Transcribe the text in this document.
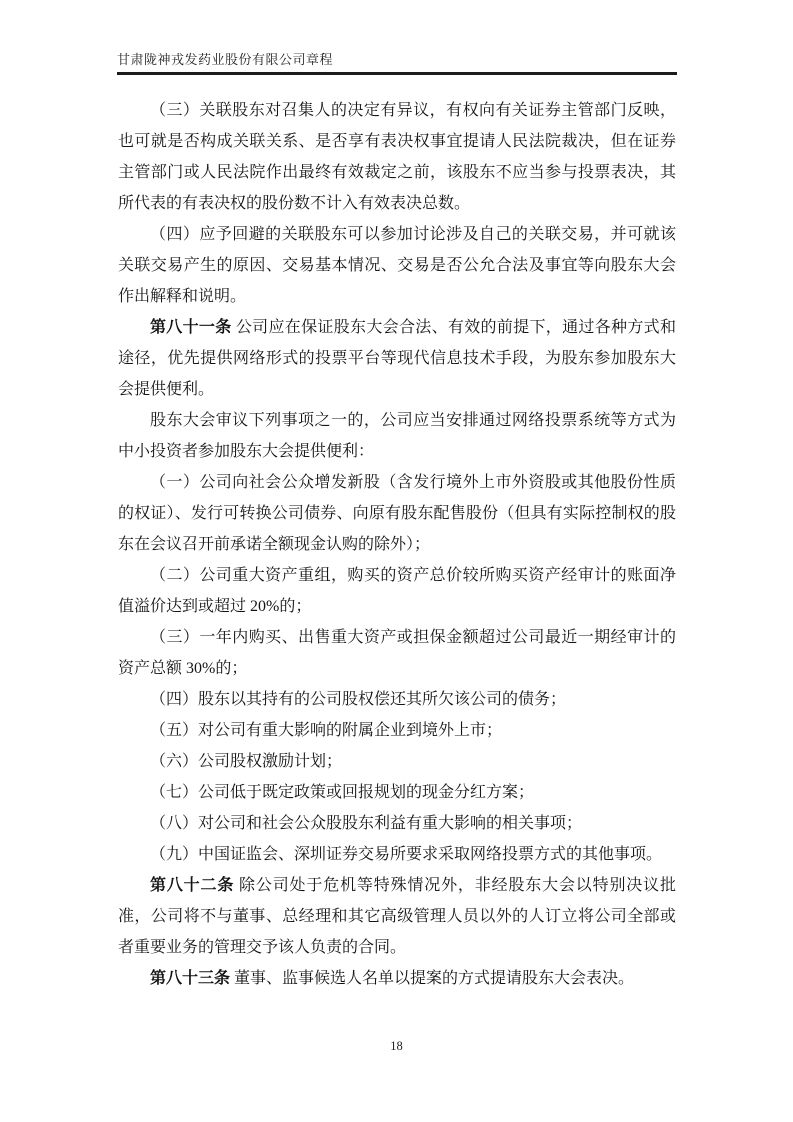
甘肃陇神戎发药业股份有限公司章程

（三）关联股东对召集人的决定有异议，有权向有关证券主管部门反映，也可就是否构成关联关系、是否享有表决权事宜提请人民法院裁决，但在证券主管部门或人民法院作出最终有效裁定之前，该股东不应当参与投票表决，其所代表的有表决权的股份数不计入有效表决总数。

（四）应予回避的关联股东可以参加讨论涉及自己的关联交易，并可就该关联交易产生的原因、交易基本情况、交易是否公允合法及事宜等向股东大会作出解释和说明。

第八十一条 公司应在保证股东大会合法、有效的前提下，通过各种方式和途径，优先提供网络形式的投票平台等现代信息技术手段，为股东参加股东大会提供便利。

股东大会审议下列事项之一的，公司应当安排通过网络投票系统等方式为中小投资者参加股东大会提供便利：

（一）公司向社会公众增发新股（含发行境外上市外资股或其他股份性质的权证）、发行可转换公司债券、向原有股东配售股份（但具有实际控制权的股东在会议召开前承诺全额现金认购的除外）；

（二）公司重大资产重组，购买的资产总价较所购买资产经审计的账面净值溢价达到或超过 20%的；

（三）一年内购买、出售重大资产或担保金额超过公司最近一期经审计的资产总额 30%的；

（四）股东以其持有的公司股权偿还其所欠该公司的债务；

（五）对公司有重大影响的附属企业到境外上市；

（六）公司股权激励计划；

（七）公司低于既定政策或回报规划的现金分红方案；

（八）对公司和社会公众股股东利益有重大影响的相关事项；

（九）中国证监会、深圳证券交易所要求采取网络投票方式的其他事项。

第八十二条 除公司处于危机等特殊情况外，非经股东大会以特别决议批准，公司将不与董事、总经理和其它高级管理人员以外的人订立将公司全部或者重要业务的管理交予该人负责的合同。

第八十三条 董事、监事候选人名单以提案的方式提请股东大会表决。

18
